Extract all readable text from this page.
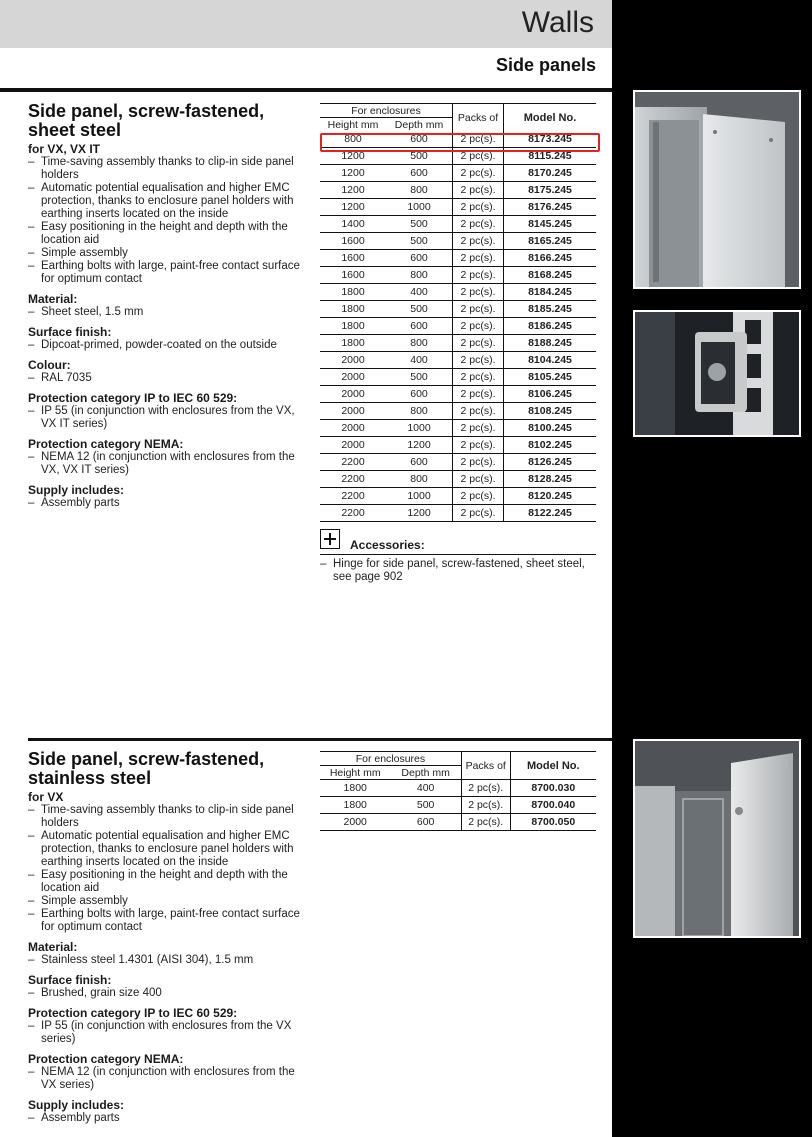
Walls
Side panels
Side panel, screw-fastened,
sheet steel
for VX, VX IT
– Time-saving assembly thanks to clip-in side panel holders
– Automatic potential equalisation and higher EMC protection, thanks to enclosure panel holders with earthing inserts located on the inside
– Easy positioning in the height and depth with the location aid
– Simple assembly
– Earthing bolts with large, paint-free contact surface for optimum contact
Material:
– Sheet steel, 1.5 mm
Surface finish:
– Dipcoat-primed, powder-coated on the outside
Colour:
– RAL 7035
Protection category IP to IEC 60 529:
– IP 55 (in conjunction with enclosures from the VX, VX IT series)
Protection category NEMA:
– NEMA 12 (in conjunction with enclosures from the VX, VX IT series)
Supply includes:
– Assembly parts
For enclosures		Packs of	Model No.
Height mm	Depth mm		
800	600	2 pc(s).	8173.245
1200	500	2 pc(s).	8115.245
1200	600	2 pc(s).	8170.245
1200	800	2 pc(s).	8175.245
1200	1000	2 pc(s).	8176.245
1400	500	2 pc(s).	8145.245
1600	500	2 pc(s).	8165.245
1600	600	2 pc(s).	8166.245
1600	800	2 pc(s).	8168.245
1800	400	2 pc(s).	8184.245
1800	500	2 pc(s).	8185.245
1800	600	2 pc(s).	8186.245
1800	800	2 pc(s).	8188.245
2000	400	2 pc(s).	8104.245
2000	500	2 pc(s).	8105.245
2000	600	2 pc(s).	8106.245
2000	800	2 pc(s).	8108.245
2000	1000	2 pc(s).	8100.245
2000	1200	2 pc(s).	8102.245
2200	600	2 pc(s).	8126.245
2200	800	2 pc(s).	8128.245
2200	1000	2 pc(s).	8120.245
2200	1200	2 pc(s).	8122.245
Accessories:
– Hinge for side panel, screw-fastened, sheet steel, see page 902
Side panel, screw-fastened,
stainless steel
for VX
– Time-saving assembly thanks to clip-in side panel holders
– Automatic potential equalisation and higher EMC protection, thanks to enclosure panel holders with earthing inserts located on the inside
– Easy positioning in the height and depth with the location aid
– Simple assembly
– Earthing bolts with large, paint-free contact surface for optimum contact
Material:
– Stainless steel 1.4301 (AISI 304), 1.5 mm
Surface finish:
– Brushed, grain size 400
Protection category IP to IEC 60 529:
– IP 55 (in conjunction with enclosures from the VX series)
Protection category NEMA:
– NEMA 12 (in conjunction with enclosures from the VX series)
Supply includes:
– Assembly parts
For enclosures		Packs of	Model No.
Height mm	Depth mm		
1800	400	2 pc(s).	8700.030
1800	500	2 pc(s).	8700.040
2000	600	2 pc(s).	8700.050
